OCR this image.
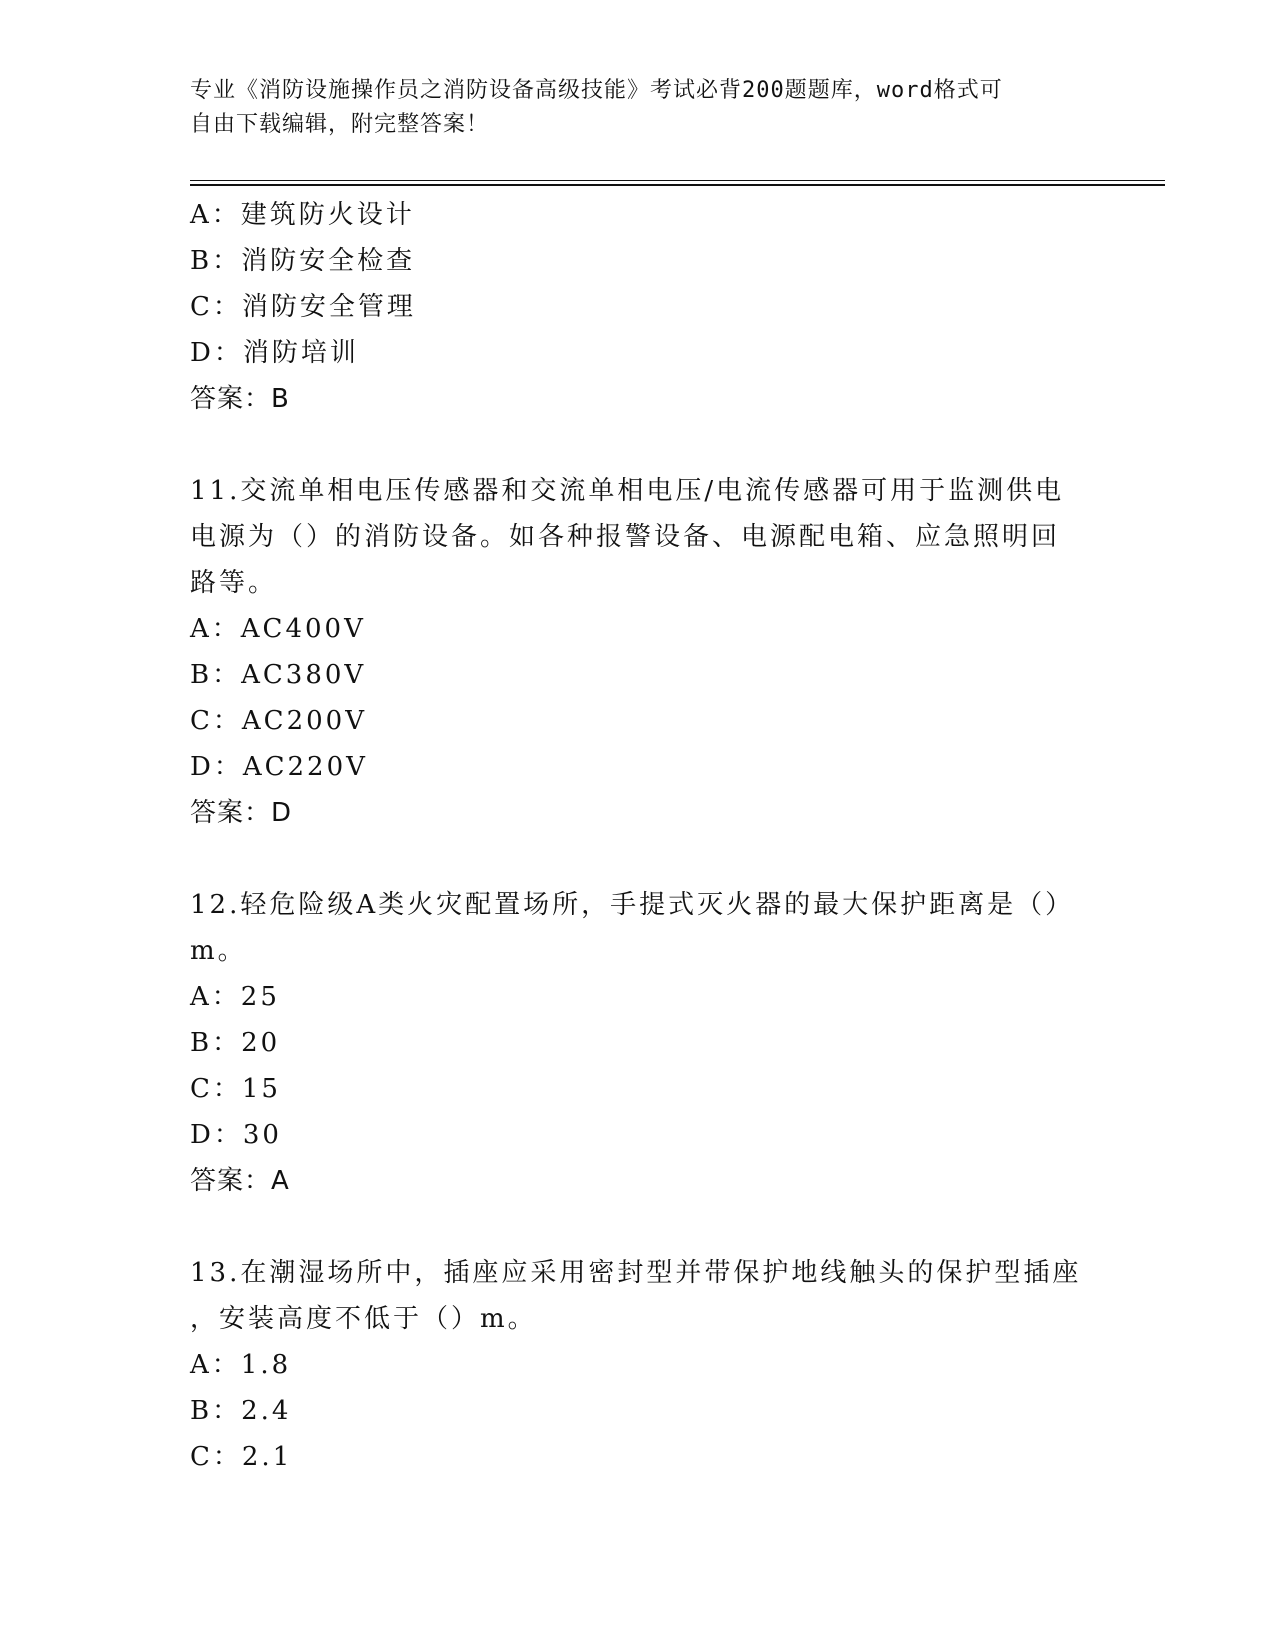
专业《消防设施操作员之消防设备高级技能》考试必背200题题库，word格式可
自由下载编辑，附完整答案！
A：建筑防火设计
B：消防安全检查
C：消防安全管理
D：消防培训
答案：B
11.交流单相电压传感器和交流单相电压/电流传感器可用于监测供电
电源为（）的消防设备。如各种报警设备、电源配电箱、应急照明回
路等。
A：AC400V
B：AC380V
C：AC200V
D：AC220V
答案：D
12.轻危险级A类火灾配置场所，手提式灭火器的最大保护距离是（）
m。
A：25
B：20
C：15
D：30
答案：A
13.在潮湿场所中，插座应采用密封型并带保护地线触头的保护型插座
，安装高度不低于（）m。
A：1.8
B：2.4
C：2.1
